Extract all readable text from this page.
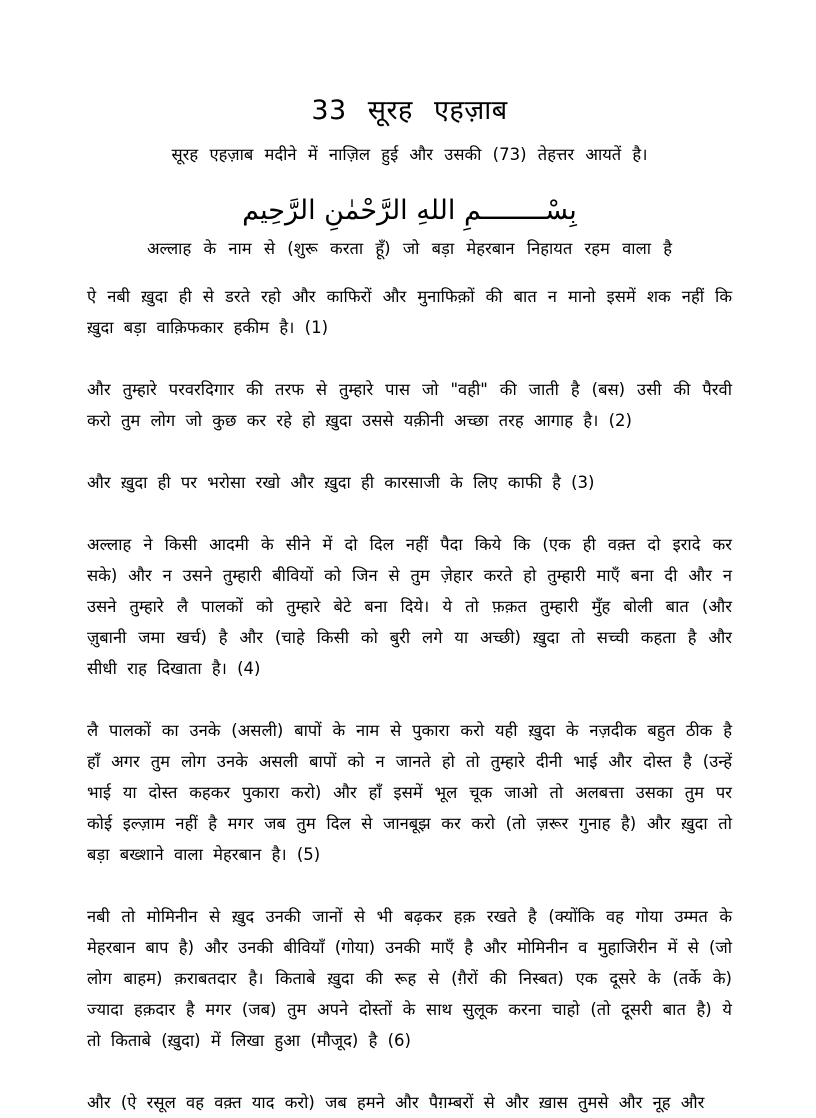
33 सूरह एहज़ाब

सूरह एहज़ाब मदीने में नाज़िल हुई और उसकी (73) तेहत्तर आयतें है।

بِسْــــــــمِ اللهِ الرَّحْمٰنِ الرَّحِيم

अल्लाह के नाम से (शुरू करता हूँ) जो बड़ा मेहरबान निहायत रहम वाला है

ऐ नबी ख़ुदा ही से डरते रहो और काफिरों और मुनाफिक़ों की बात न मानो इसमें शक नहीं कि ख़ुदा बड़ा वाक़िफकार हकीम है। (1)

और तुम्हारे परवरदिगार की तरफ से तुम्हारे पास जो "वही" की जाती है (बस) उसी की पैरवी करो तुम लोग जो कुछ कर रहे हो ख़ुदा उससे यक़ीनी अच्छा तरह आगाह है। (2)

और ख़ुदा ही पर भरोसा रखो और ख़ुदा ही कारसाजी के लिए काफी है (3)

अल्लाह ने किसी आदमी के सीने में दो दिल नहीं पैदा किये कि (एक ही वक़्त दो इरादे कर सके) और न उसने तुम्हारी बीवियों को जिन से तुम ज़ेहार करते हो तुम्हारी माएँ बना दी और न उसने तुम्हारे लै पालकों को तुम्हारे बेटे बना दिये। ये तो फ़क़त तुम्हारी मुँह बोली बात (और ज़ुबानी जमा खर्च) है और (चाहे किसी को बुरी लगे या अच्छी) ख़ुदा तो सच्ची कहता है और सीधी राह दिखाता है। (4)

लै पालकों का उनके (असली) बापों के नाम से पुकारा करो यही ख़ुदा के नज़दीक बहुत ठीक है हाँ अगर तुम लोग उनके असली बापों को न जानते हो तो तुम्हारे दीनी भाई और दोस्त है (उन्हें भाई या दोस्त कहकर पुकारा करो) और हाँ इसमें भूल चूक जाओ तो अलबत्ता उसका तुम पर कोई इल्ज़ाम नहीं है मगर जब तुम दिल से जानबूझ कर करो (तो ज़रूर गुनाह है) और ख़ुदा तो बड़ा बख्शाने वाला मेहरबान है। (5)

नबी तो मोमिनीन से ख़ुद उनकी जानों से भी बढ़कर हक़ रखते है (क्योंकि वह गोया उम्मत के मेहरबान बाप है) और उनकी बीवियाँ (गोया) उनकी माएँ है और मोमिनीन व मुहाजिरीन में से (जो लोग बाहम) क़राबतदार है। किताबे ख़ुदा की रूह से (ग़ैरों की निस्बत) एक दूसरे के (तर्के के) ज्यादा हक़दार है मगर (जब) तुम अपने दोस्तों के साथ सुलूक करना चाहो (तो दूसरी बात है) ये तो किताबे (ख़ुदा) में लिखा हुआ (मौजूद) है (6)

और (ऐ रसूल वह वक़्त याद करो) जब हमने और पैग़म्बरों से और ख़ास तुमसे और नूह और
